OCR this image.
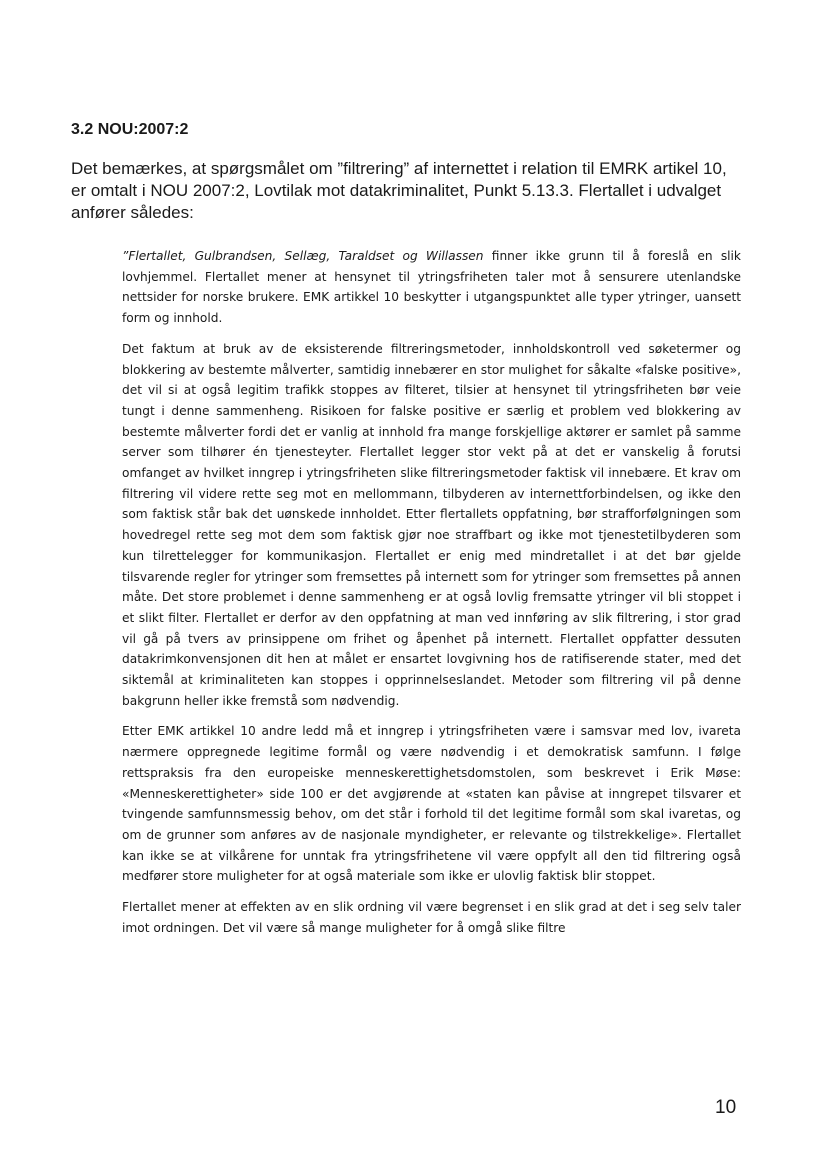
3.2 NOU:2007:2

Det bemærkes, at spørgsmålet om ”filtrering” af internettet i relation til EMRK artikel 10, er omtalt i NOU 2007:2, Lovtilak mot datakriminalitet, Punkt 5.13.3. Flertallet i udvalget anfører således:

”Flertallet, Gulbrandsen, Sellæg, Taraldset og Willassen finner ikke grunn til å foreslå en slik lovhjemmel. Flertallet mener at hensynet til ytringsfriheten taler mot å sensurere utenlandske nettsider for norske brukere. EMK artikkel 10 beskytter i utgangspunktet alle typer ytringer, uansett form og innhold.

Det faktum at bruk av de eksisterende filtreringsmetoder, innholdskontroll ved søketermer og blokkering av bestemte målverter, samtidig innebærer en stor mulighet for såkalte «falske positive», det vil si at også legitim trafikk stoppes av filteret, tilsier at hensynet til ytringsfriheten bør veie tungt i denne sammenheng. Risikoen for falske positive er særlig et problem ved blokkering av bestemte målverter fordi det er vanlig at innhold fra mange forskjellige aktører er samlet på samme server som tilhører én tjenesteyter. Flertallet legger stor vekt på at det er vanskelig å forutsi omfanget av hvilket inngrep i ytringsfriheten slike filtreringsmetoder faktisk vil innebære. Et krav om filtrering vil videre rette seg mot en mellommann, tilbyderen av internettforbindelsen, og ikke den som faktisk står bak det uønskede innholdet. Etter flertallets oppfatning, bør strafforfølgningen som hovedregel rette seg mot dem som faktisk gjør noe straffbart og ikke mot tjenestetilbyderen som kun tilrettelegger for kommunikasjon. Flertallet er enig med mindretallet i at det bør gjelde tilsvarende regler for ytringer som fremsettes på internett som for ytringer som fremsettes på annen måte. Det store problemet i denne sammenheng er at også lovlig fremsatte ytringer vil bli stoppet i et slikt filter. Flertallet er derfor av den oppfatning at man ved innføring av slik filtrering, i stor grad vil gå på tvers av prinsippene om frihet og åpenhet på internett. Flertallet oppfatter dessuten datakrimkonvensjonen dit hen at målet er ensartet lovgivning hos de ratifiserende stater, med det siktemål at kriminaliteten kan stoppes i opprinnelseslandet. Metoder som filtrering vil på denne bakgrunn heller ikke fremstå som nødvendig.

Etter EMK artikkel 10 andre ledd må et inngrep i ytringsfriheten være i samsvar med lov, ivareta nærmere oppregnede legitime formål og være nødvendig i et demokratisk samfunn. I følge rettspraksis fra den europeiske menneskerettighetsdomstolen, som beskrevet i Erik Møse: «Menneskerettigheter» side 100 er det avgjørende at «staten kan påvise at inngrepet tilsvarer et tvingende samfunnsmessig behov, om det står i forhold til det legitime formål som skal ivaretas, og om de grunner som anføres av de nasjonale myndigheter, er relevante og tilstrekkelige». Flertallet kan ikke se at vilkårene for unntak fra ytringsfrihetene vil være oppfylt all den tid filtrering også medfører store muligheter for at også materiale som ikke er ulovlig faktisk blir stoppet.

Flertallet mener at effekten av en slik ordning vil være begrenset i en slik grad at det i seg selv taler imot ordningen. Det vil være så mange muligheter for å omgå slike filtre

10
